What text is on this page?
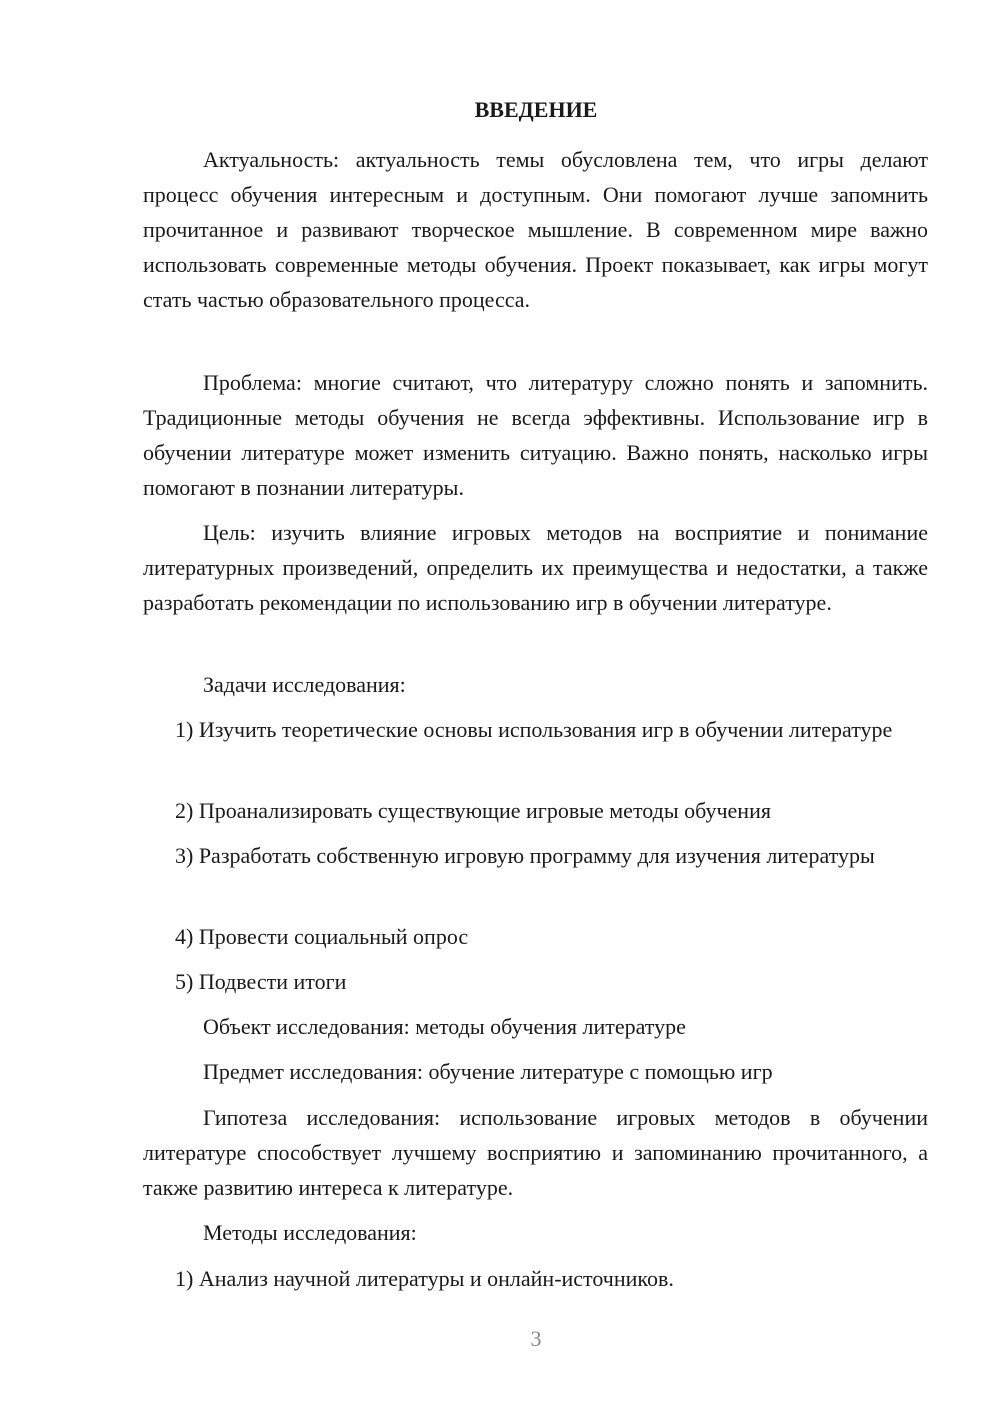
ВВЕДЕНИЕ

Актуальность: актуальность темы обусловлена тем, что игры делают процесс обучения интересным и доступным. Они помогают лучше запомнить прочитанное и развивают творческое мышление. В современном мире важно использовать современные методы обучения. Проект показывает, как игры могут стать частью образовательного процесса.

Проблема: многие считают, что литературу сложно понять и запомнить. Традиционные методы обучения не всегда эффективны. Использование игр в обучении литературе может изменить ситуацию. Важно понять, насколько игры помогают в познании литературы.

Цель: изучить влияние игровых методов на восприятие и понимание литературных произведений, определить их преимущества и недостатки, а также разработать рекомендации по использованию игр в обучении литературе.

Задачи исследования:

1) Изучить теоретические основы использования игр в обучении литературе

2) Проанализировать существующие игровые методы обучения

3) Разработать собственную игровую программу для изучения литературы

4) Провести социальный опрос

5) Подвести итоги

Объект исследования: методы обучения литературе

Предмет исследования: обучение литературе с помощью игр

Гипотеза исследования: использование игровых методов в обучении литературе способствует лучшему восприятию и запоминанию прочитанного, а также развитию интереса к литературе.

Методы исследования:

1) Анализ научной литературы и онлайн-источников.

3
